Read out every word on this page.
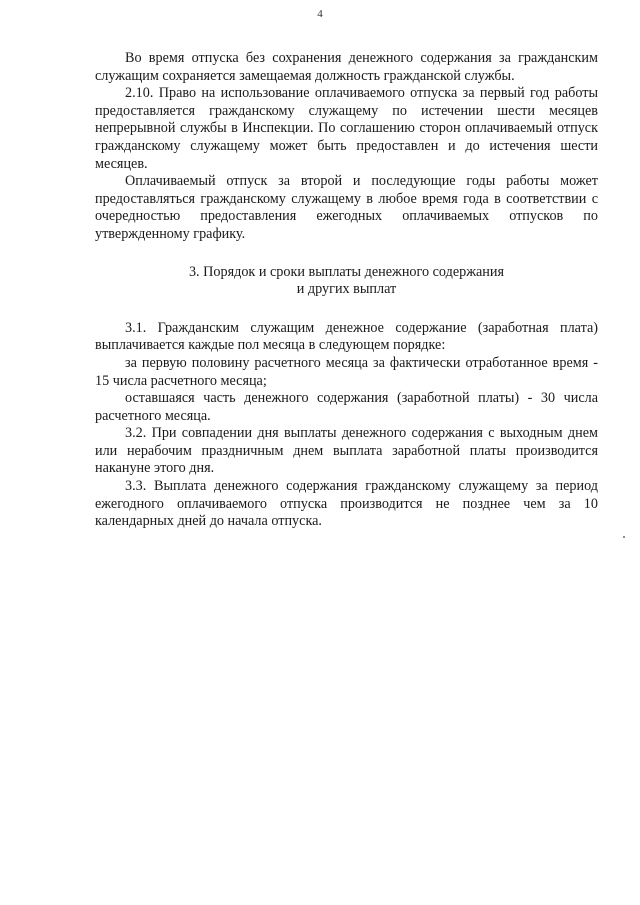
4

Во время отпуска без сохранения денежного содержания за гражданским служащим сохраняется замещаемая должность гражданской службы.

2.10. Право на использование оплачиваемого отпуска за первый год работы предоставляется гражданскому служащему по истечении шести месяцев непрерывной службы в Инспекции. По соглашению сторон оплачиваемый отпуск гражданскому служащему может быть предоставлен и до истечения шести месяцев.

Оплачиваемый отпуск за второй и последующие годы работы может предоставляться гражданскому служащему в любое время года в соответствии с очередностью предоставления ежегодных оплачиваемых отпусков по утвержденному графику.

3. Порядок и сроки выплаты денежного содержания
и других выплат

3.1. Гражданским служащим денежное содержание (заработная плата) выплачивается каждые пол месяца в следующем порядке:

за первую половину расчетного месяца за фактически отработанное время - 15 числа расчетного месяца;

оставшаяся часть денежного содержания (заработной платы) - 30 числа расчетного месяца.

3.2. При совпадении дня выплаты денежного содержания с выходным днем или нерабочим праздничным днем выплата заработной платы производится накануне этого дня.

3.3. Выплата денежного содержания гражданскому служащему за период ежегодного оплачиваемого отпуска производится не позднее чем за 10 календарных дней до начала отпуска.
